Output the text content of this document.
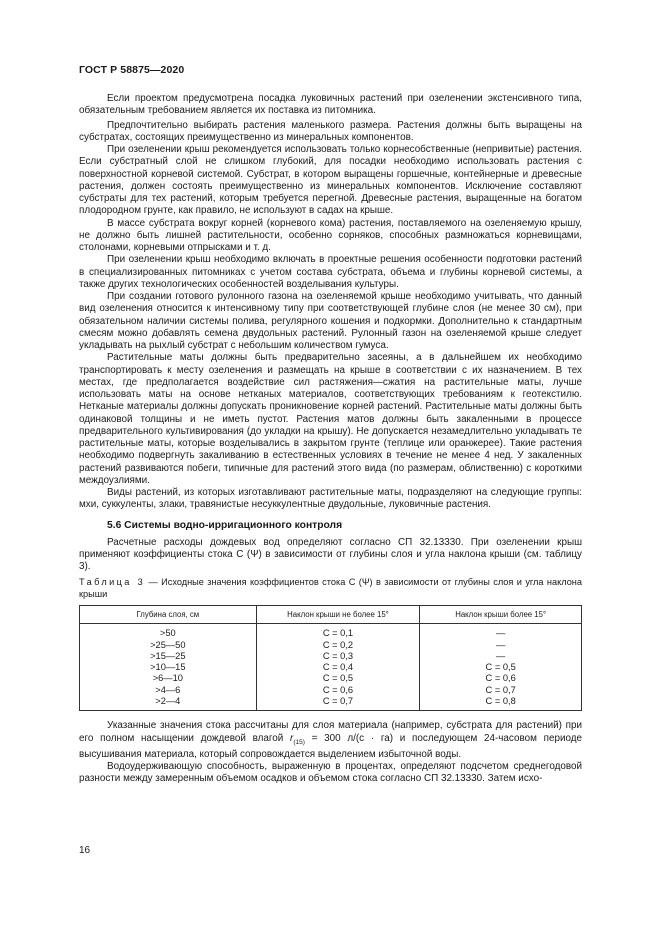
ГОСТ Р 58875—2020

Если проектом предусмотрена посадка луковичных растений при озеленении экстенсивного типа, обязательным требованием является их поставка из питомника.

Предпочтительно выбирать растения маленького размера. Растения должны быть выращены на субстратах, состоящих преимущественно из минеральных компонентов.

При озеленении крыш рекомендуется использовать только корнесобственные (непривитые) растения. Если субстратный слой не слишком глубокий, для посадки необходимо использовать растения с поверхностной корневой системой. Субстрат, в котором выращены горшечные, контейнерные и древесные растения, должен состоять преимущественно из минеральных компонентов. Исключение составляют субстраты для тех растений, которым требуется перегной. Древесные растения, выращенные на богатом плодородном грунте, как правило, не используют в садах на крыше.

В массе субстрата вокруг корней (корневого кома) растения, поставляемого на озеленяемую крышу, не должно быть лишней растительности, особенно сорняков, способных размножаться корневищами, столонами, корневыми отпрысками и т. д.

При озеленении крыш необходимо включать в проектные решения особенности подготовки растений в специализированных питомниках с учетом состава субстрата, объема и глубины корневой системы, а также других технологических особенностей возделывания культуры.

При создании готового рулонного газона на озеленяемой крыше необходимо учитывать, что данный вид озеленения относится к интенсивному типу при соответствующей глубине слоя (не менее 30 см), при обязательном наличии системы полива, регулярного кошения и подкормки. Дополнительно к стандартным смесям можно добавлять семена двудольных растений. Рулонный газон на озеленяемой крыше следует укладывать на рыхлый субстрат с небольшим количеством гумуса.

Растительные маты должны быть предварительно засеяны, а в дальнейшем их необходимо транспортировать к месту озеленения и размещать на крыше в соответствии с их назначением. В тех местах, где предполагается воздействие сил растяжения—сжатия на растительные маты, лучше использовать маты на основе нетканых материалов, соответствующих требованиям к геотекстилю. Нетканые материалы должны допускать проникновение корней растений. Растительные маты должны быть одинаковой толщины и не иметь пустот. Растения матов должны быть закаленными в процессе предварительного культивирования (до укладки на крышу). Не допускается незамедлительно укладывать те растительные маты, которые возделывались в закрытом грунте (теплице или оранжерее). Такие растения необходимо подвергнуть закаливанию в естественных условиях в течение не менее 4 нед. У закаленных растений развиваются побеги, типичные для растений этого вида (по размерам, облиственню) с короткими междоузлиями.

Виды растений, из которых изготавливают растительные маты, подразделяют на следующие группы: мхи, суккуленты, злаки, травянистые несуккулентные двудольные, луковичные растения.

5.6 Системы водно-ирригационного контроля

Расчетные расходы дождевых вод определяют согласно СП 32.13330. При озеленении крыш применяют коэффициенты стока С (Ψ) в зависимости от глубины слоя и угла наклона крыши (см. таблицу 3).

Таблица 3 — Исходные значения коэффициентов стока С (Ψ) в зависимости от глубины слоя и угла наклона крыши

Глубина слоя, см	Наклон крыши не более 15°	Наклон крыши более 15°
>50	C = 0,1	—
>25—50	C = 0,2	—
>15—25	C = 0,3	—
>10—15	C = 0,4	C = 0,5
>6—10	C = 0,5	C = 0,6
>4—6	C = 0,6	C = 0,7
>2—4	C = 0,7	C = 0,8

Указанные значения стока рассчитаны для слоя материала (например, субстрата для растений) при его полном насыщении дождевой влагой $r_{(15)} = 300$ л/(с · га) и последующем 24-часовом периоде высушивания материала, который сопровождается выделением избыточной воды.

Водоудерживающую способность, выраженную в процентах, определяют подсчетом среднегодовой разности между замеренным объемом осадков и объемом стока согласно СП 32.13330. Затем исхо-

16
